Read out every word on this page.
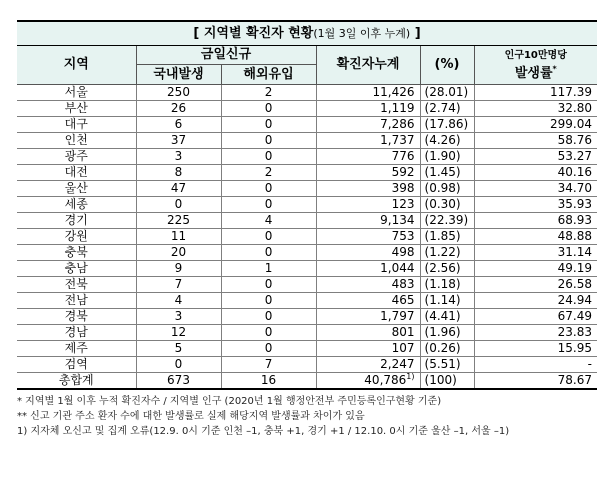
[ 지역별 확진자 현황(1월 3일 이후 누계) ]
지역	금일신규		확진자누계	(%)	인구10만명당
발생률*

	국내발생	해외유입			
서울	250	2	11,426	(28.01)	117.39
부산	26	0	1,119	(2.74)	32.80
대구	6	0	7,286	(17.86)	299.04
인천	37	0	1,737	(4.26)	58.76
광주	3	0	776	(1.90)	53.27
대전	8	2	592	(1.45)	40.16
울산	47	0	398	(0.98)	34.70
세종	0	0	123	(0.30)	35.93
경기	225	4	9,134	(22.39)	68.93
강원	11	0	753	(1.85)	48.88
충북	20	0	498	(1.22)	31.14
충남	9	1	1,044	(2.56)	49.19
전북	7	0	483	(1.18)	26.58
전남	4	0	465	(1.14)	24.94
경북	3	0	1,797	(4.41)	67.49
경남	12	0	801	(1.96)	23.83
제주	5	0	107	(0.26)	15.95
검역	0	7	2,247	(5.51)	-
총합계	673	16	40,786$^{1)}$	(100)	78.67
* 지역별 1월 이후 누적 확진자수 / 지역별 인구 (2020년 1월 행정안전부 주민등록인구현황 기준)
** 신고 기관 주소 환자 수에 대한 발생률로 실제 해당지역 발생률과 차이가 있음
1) 지자체 오신고 및 집계 오류(12.9. 0시 기준 인천 –1, 충북 +1, 경기 +1 / 12.10. 0시 기준 울산 –1, 서울 –1)
